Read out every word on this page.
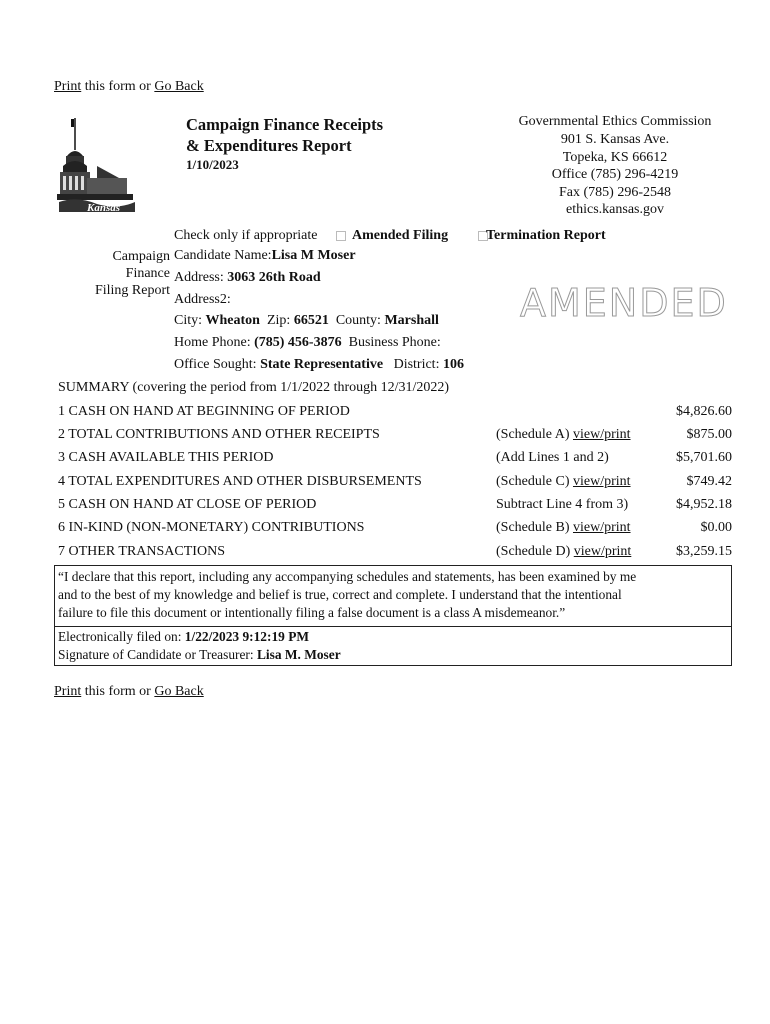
Print this form or Go Back
Kansas
Campaign Finance Receipts
& Expenditures Report
1/10/2023
Governmental Ethics Commission
901 S. Kansas Ave.
Topeka, KS 66612
Office (785) 296-4219
Fax (785) 296-2548
ethics.kansas.gov
Check only if appropriate Amended Filing	Termination Report
Campaign
Finance
Filing Report
Candidate Name:Lisa M Moser
Address: 3063 26th Road
Address2:
City: Wheaton Zip: 66521 County: Marshall
Home Phone: (785) 456-3876 Business Phone:
Office Sought: State Representative District: 106
AMENDED
SUMMARY (covering the period from 1/1/2022 through 12/31/2022)
1 CASH ON HAND AT BEGINNING OF PERIOD	$4,826.60
2 TOTAL CONTRIBUTIONS AND OTHER RECEIPTS	(Schedule A) view/print	$875.00
3 CASH AVAILABLE THIS PERIOD	(Add Lines 1 and 2)	$5,701.60
4 TOTAL EXPENDITURES AND OTHER DISBURSEMENTS	(Schedule C) view/print	$749.42
5 CASH ON HAND AT CLOSE OF PERIOD	Subtract Line 4 from 3)	$4,952.18
6 IN-KIND (NON-MONETARY) CONTRIBUTIONS	(Schedule B) view/print	$0.00
7 OTHER TRANSACTIONS	(Schedule D) view/print	$3,259.15
“I declare that this report, including any accompanying schedules and statements, has been examined by me
and to the best of my knowledge and belief is true, correct and complete. I understand that the intentional
failure to file this document or intentionally filing a false document is a class A misdemeanor.”
Electronically filed on: 1/22/2023 9:12:19 PM
Signature of Candidate or Treasurer: Lisa M. Moser
Print this form or Go Back
